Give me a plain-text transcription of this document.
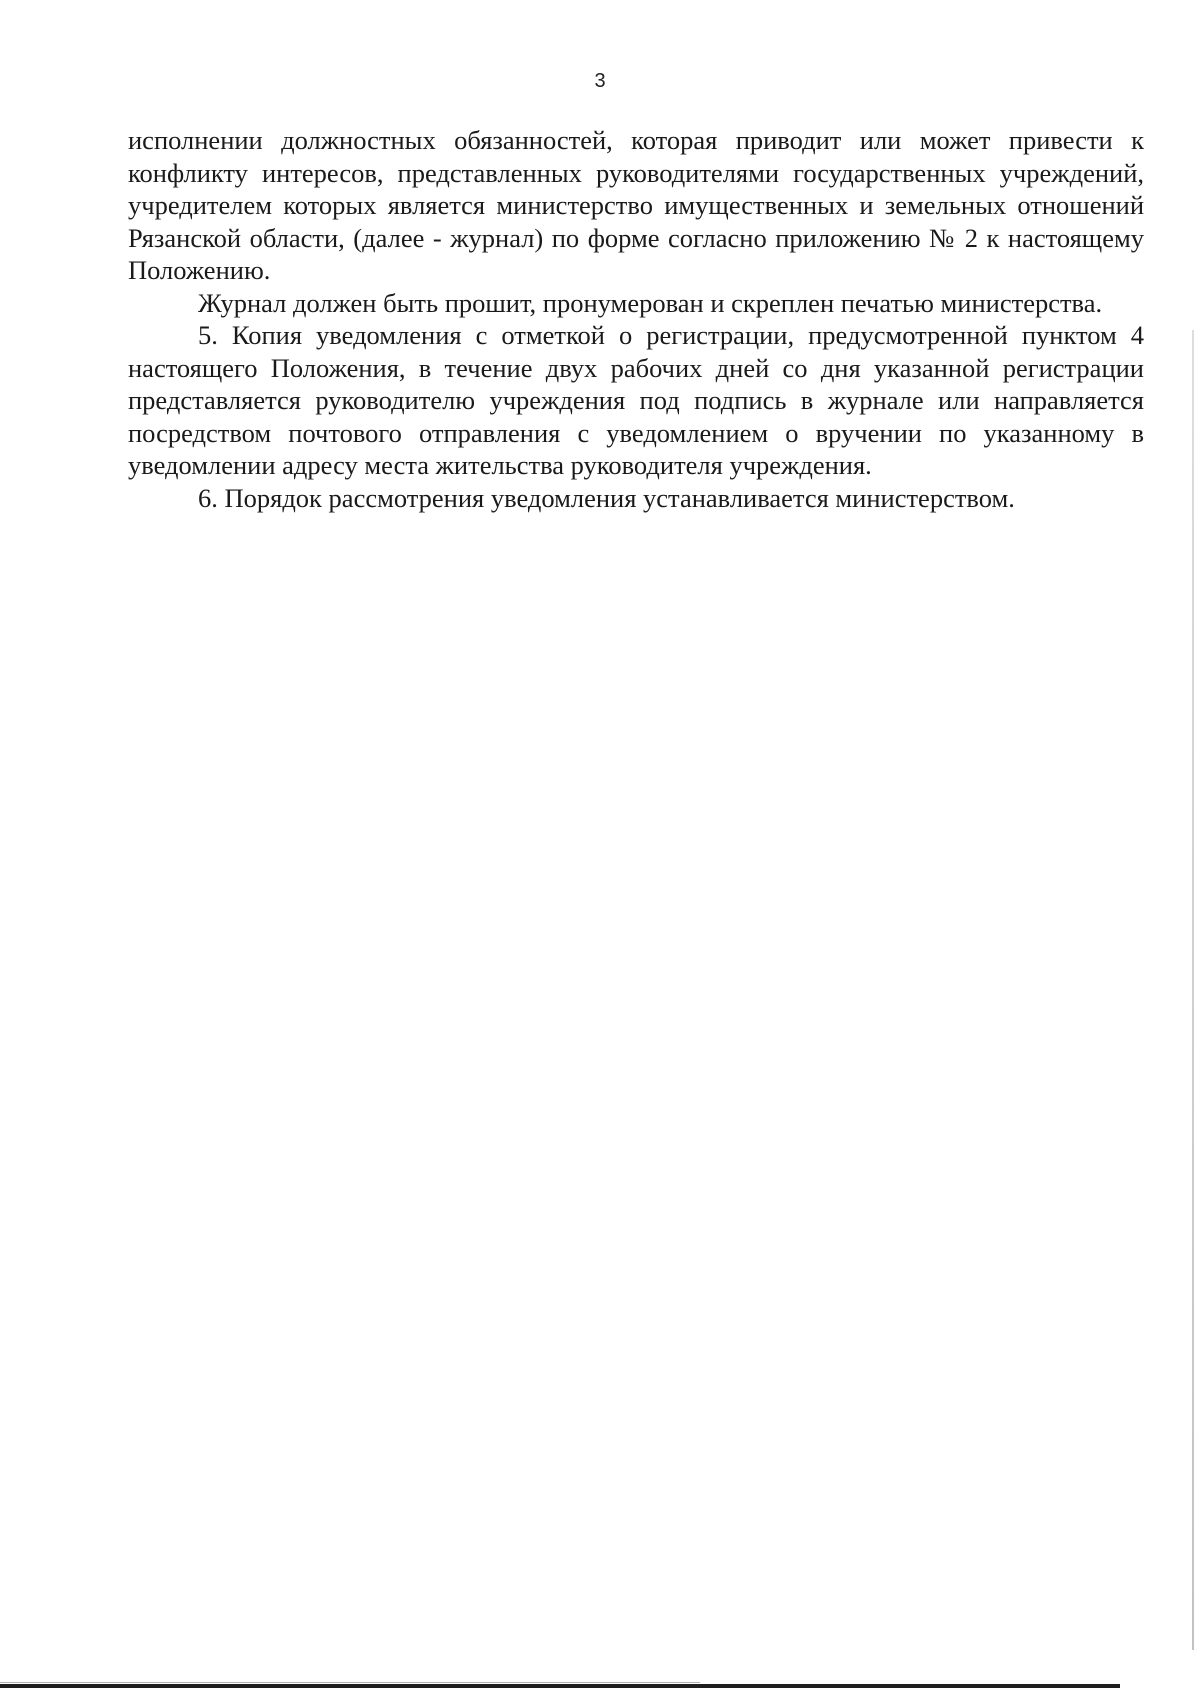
3

исполнении должностных обязанностей, которая приводит или может привести к конфликту интересов, представленных руководителями государственных учреждений, учредителем которых является министерство имущественных и земельных отношений Рязанской области, (далее - журнал) по форме согласно приложению № 2 к настоящему Положению.

Журнал должен быть прошит, пронумерован и скреплен печатью министерства.

5. Копия уведомления с отметкой о регистрации, предусмотренной пунктом 4 настоящего Положения, в течение двух рабочих дней со дня указанной регистрации представляется руководителю учреждения под подпись в журнале или направляется посредством почтового отправления с уведомлением о вручении по указанному в уведомлении адресу места жительства руководителя учреждения.

6. Порядок рассмотрения уведомления устанавливается министерством.
